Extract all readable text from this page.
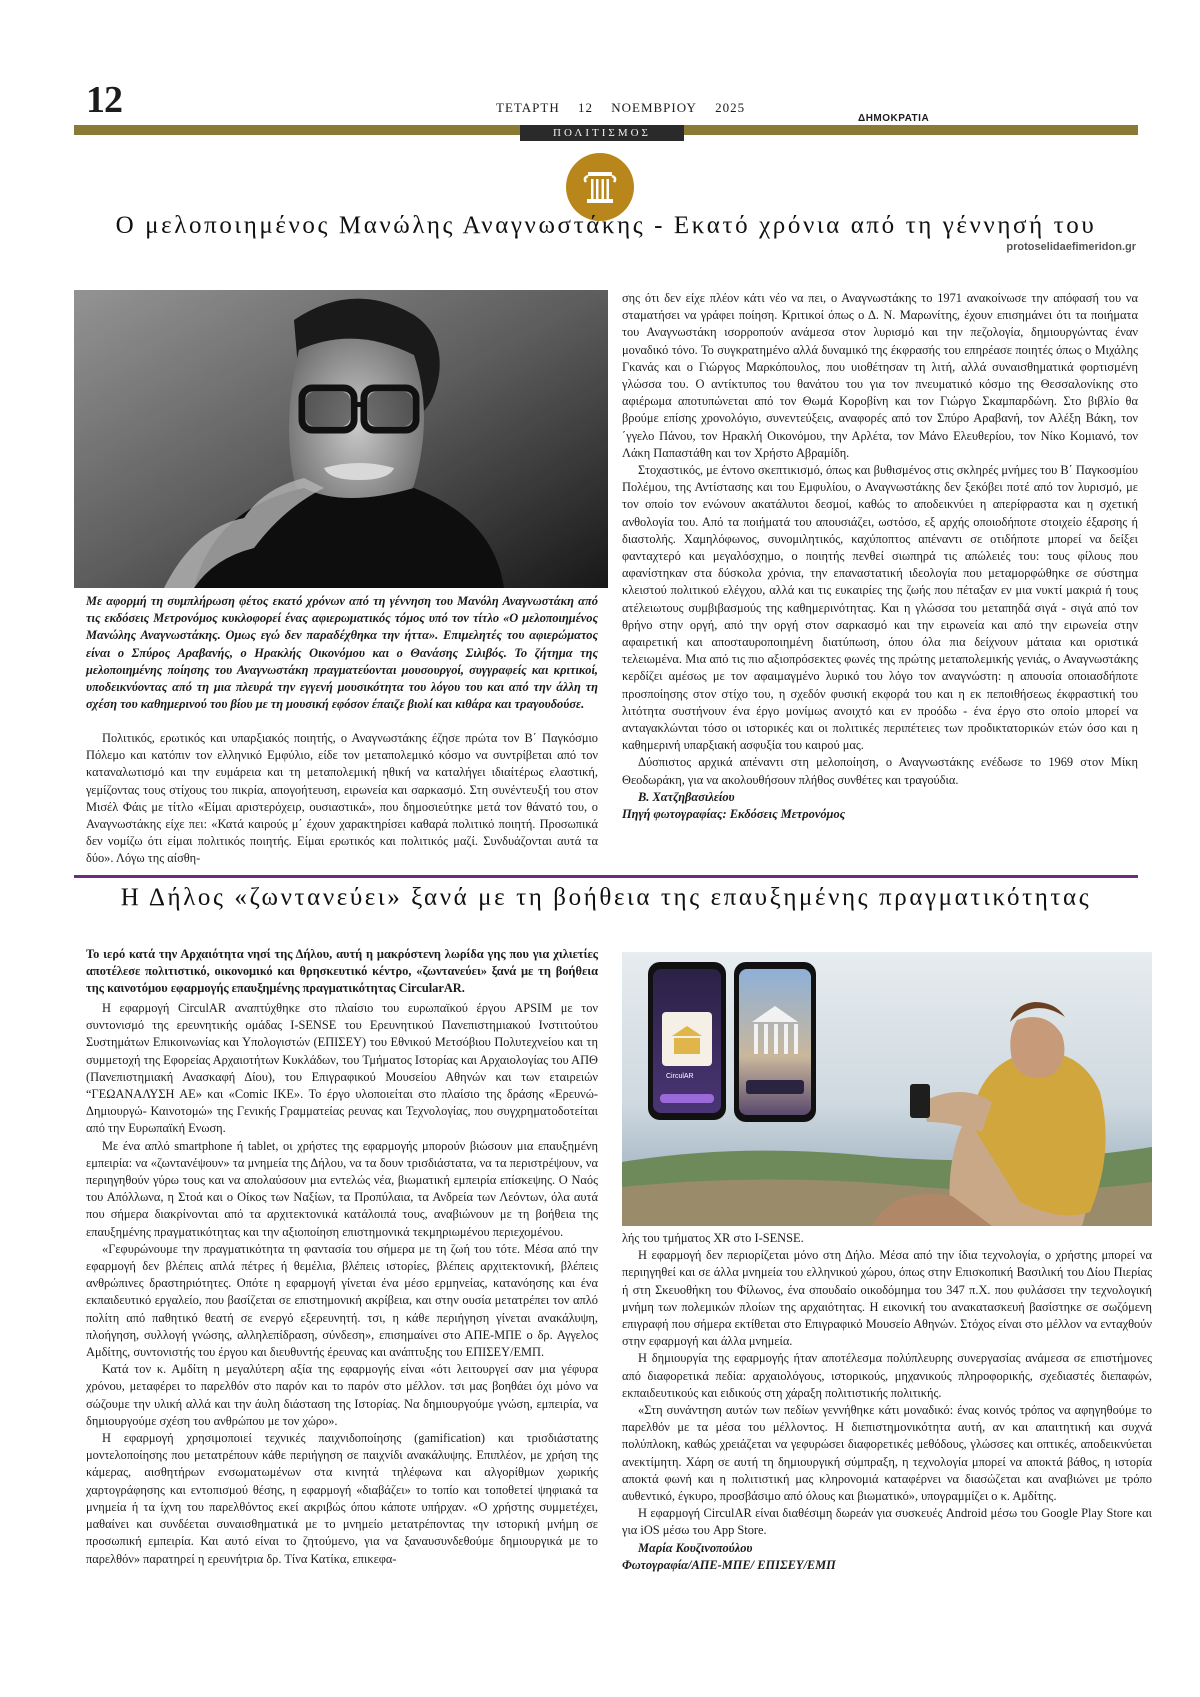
12	ΤΕΤΑΡΤΗ 12 ΝΟΕΜΒΡΙΟΥ 2025
ΔΗΜΟΚΡΑΤΙΑ
ΠΟΛΙΤΙΣΜΟΣ
Ο μελοποιημένος Μανώλης Αναγνωστάκης - Εκατό χρόνια από τη γέννησή του
protoselidaefimeridon.gr
Με αφορμή τη συμπλήρωση φέτος εκατό χρόνων από τη γέννηση του Μανόλη Αναγνωστάκη από τις εκδόσεις Μετρονόμος κυκλοφορεί ένας αφιερωματικός τόμος υπό τον τίτλο «Ο μελοποιημένος Μανώλης Αναγνωστάκης. Ομως εγώ δεν παραδέχθηκα την ήττα». Επιμελητές του αφιερώματος είναι ο Σπύρος Αραβανής, ο Ηρακλής Οικονόμου και ο Θανάσης Σιλιβός. Το ζήτημα της μελοποιημένης ποίησης του Αναγνωστάκη πραγματεύονται μουσουργοί, συγγραφείς και κριτικοί, υποδεικνύοντας από τη μια πλευρά την εγγενή μουσικότητα του λόγου του και από την άλλη τη σχέση του καθημερινού του βίου με τη μουσική εφόσον έπαιζε βιολί και κιθάρα και τραγουδούσε.

Πολιτικός, ερωτικός και υπαρξιακός ποιητής, ο Αναγνωστάκης έζησε πρώτα τον Β΄ Παγκόσμιο Πόλεμο και κατόπιν τον ελληνικό Εμφύλιο, είδε τον μεταπολεμικό κόσμο να συντρίβεται από τον καταναλωτισμό και την ευμάρεια και τη μεταπολεμική ηθική να καταλήγει ιδιαίτέρως ελαστική, γεμίζοντας τους στίχους του πικρία, απογοήτευση, ειρωνεία και σαρκασμό. Στη συνέντευξή του στον Μισέλ Φάις με τίτλο «Είμαι αριστερόχειρ, ουσιαστικά», που δημοσιεύτηκε μετά τον θάνατό του, ο Αναγνωστάκης είχε πει: «Κατά καιρούς μ΄ έχουν χαρακτηρίσει καθαρά πολιτικό ποιητή. Προσωπικά δεν νομίζω ότι είμαι πολιτικός ποιητής. Είμαι ερωτικός και πολιτικός μαζί. Συνδυάζονται αυτά τα δύο». Λόγω της αίσθη-

σης ότι δεν είχε πλέον κάτι νέο να πει, ο Αναγνωστάκης το 1971 ανακοίνωσε την απόφασή του να σταματήσει να γράφει ποίηση. Κριτικοί όπως ο Δ. Ν. Μαρωνίτης, έχουν επισημάνει ότι τα ποιήματα του Αναγνωστάκη ισορροπούν ανάμεσα στον λυρισμό και την πεζολογία, δημιουργώντας έναν μοναδικό τόνο. Το συγκρατημένο αλλά δυναμικό της έκφρασής του επηρέασε ποιητές όπως ο Μιχάλης Γκανάς και ο Γιώργος Μαρκόπουλος, που υιοθέτησαν τη λιτή, αλλά συναισθηματικά φορτισμένη γλώσσα του. Ο αντίκτυπος του θανάτου του για τον πνευματικό κόσμο της Θεσσαλονίκης στο αφιέρωμα αποτυπώνεται από τον Θωμά Κοροβίνη και τον Γιώργο Σκαμπαρδώνη. Στο βιβλίο θα βρούμε επίσης χρονολόγιο, συνεντεύξεις, αναφορές από τον Σπύρο Αραβανή, τον Αλέξη Βάκη, τον ΄γγελο Πάνου, τον Ηρακλή Οικονόμου, την Αρλέτα, τον Μάνο Ελευθερίου, τον Νίκο Κομιανό, τον Λάκη Παπαστάθη και τον Χρήστο Αβραμίδη.

Στοχαστικός, με έντονο σκεπτικισμό, όπως και βυθισμένος στις σκληρές μνήμες του Β΄ Παγκοσμίου Πολέμου, της Αντίστασης και του Εμφυλίου, ο Αναγνωστάκης δεν ξεκόβει ποτέ από τον λυρισμό, με τον οποίο τον ενώνουν ακατάλυτοι δεσμοί, καθώς το αποδεικνύει η απερίφραστα και η σχετική ανθολογία του. Από τα ποιήματά του απουσιάζει, ωστόσο, εξ αρχής οποιοδήποτε στοιχείο έξαρσης ή διαστολής. Χαμηλόφωνος, συνομιλητικός, καχύποπτος απέναντι σε οτιδήποτε μπορεί να δείξει φανταχτερό και μεγαλόσχημο, ο ποιητής πενθεί σιωπηρά τις απώλειές του: τους φίλους που αφανίστηκαν στα δύσκολα χρόνια, την επαναστατική ιδεολογία που μεταμορφώθηκε σε σύστημα κλειστού πολιτικού ελέγχου, αλλά και τις ευκαιρίες της ζωής που πέταξαν εν μια νυκτί μακριά ή τους ατέλειωτους συμβιβασμούς της καθημερινότητας. Και η γλώσσα του μεταπηδά σιγά - σιγά από τον θρήνο στην οργή, από την οργή στον σαρκασμό και την ειρωνεία και από την ειρωνεία στην αφαιρετική και αποσταυροποιημένη διατύπωση, όπου όλα πια δείχνουν μάταια και οριστικά τελειωμένα. Μια από τις πιο αξιοπρόσεκτες φωνές της πρώτης μεταπολεμικής γενιάς, ο Αναγνωστάκης κερδίζει αμέσως με τον αφαιμαγμένο λυρικό του λόγο τον αναγνώστη: η απουσία οποιασδήποτε προσποίησης στον στίχο του, η σχεδόν φυσική εκφορά του και η εκ πεποιθήσεως έκφραστική του λιτότητα συστήνουν ένα έργο μονίμως ανοιχτό και εν προόδω - ένα έργο στο οποίο μπορεί να ανταγακλώνται τόσο οι ιστορικές και οι πολιτικές περιπέτειες των προδικτατορικών ετών όσο και η καθημερινή υπαρξιακή ασφυξία του καιρού μας.

Δύσπιστος αρχικά απέναντι στη μελοποίηση, ο Αναγνωστάκης ενέδωσε το 1969 στον Μίκη Θεοδωράκη, για να ακολουθήσουν πλήθος συνθέτες και τραγούδια.

Β. Χατζηβασιλείου
Πηγή φωτογραφίας: Εκδόσεις Μετρονόμος
Η Δήλος «ζωντανεύει» ξανά με τη βοήθεια της επαυξημένης πραγματικότητας
Το ιερό κατά την Αρχαιότητα νησί της Δήλου, αυτή η μακρόστενη λωρίδα γης που για χιλιετίες αποτέλεσε πολιτιστικό, οικονομικό και θρησκευτικό κέντρο, «ζωντανεύει» ξανά με τη βοήθεια της καινοτόμου εφαρμογής επαυξημένης πραγματικότητας CircularAR.

Η εφαρμογή CirculAR αναπτύχθηκε στο πλαίσιο του ευρωπαϊκού έργου APSIM με τον συντονισμό της ερευνητικής ομάδας I-SENSE του Ερευνητικού Πανεπιστημιακού Ινστιτούτου Συστημάτων Επικοινωνίας και Υπολογιστών (ΕΠΙΣΕΥ) του Εθνικού Μετσόβιου Πολυτεχνείου και τη συμμετοχή της Εφορείας Αρχαιοτήτων Κυκλάδων, του Τμήματος Ιστορίας και Αρχαιολογίας του ΑΠΘ (Πανεπιστημιακή Ανασκαφή Δίου), του Επιγραφικού Μουσείου Αθηνών και των εταιρειών “ΓΕΩΑΝΑΛΥΣΗ ΑΕ» και «Comic IKE». Το έργο υλοποιείται στο πλαίσιο της δράσης «Ερευνώ- Δημιουργώ- Καινοτομώ» της Γενικής Γραμματείας ρευνας και Τεχνολογίας, που συγχρηματοδοτείται από την Ευρωπαϊκή Ενωση.

Με ένα απλό smartphone ή tablet, οι χρήστες της εφαρμογής μπορούν βιώσουν μια επαυξημένη εμπειρία: να «ζωντανέψουν» τα μνημεία της Δήλου, να τα δουν τρισδιάστατα, να τα περιστρέψουν, να περιηγηθούν γύρω τους και να απολαύσουν μια εντελώς νέα, βιωματική εμπειρία επίσκεψης. Ο Ναός του Απόλλωνα, η Στοά και ο Οίκος των Ναξίων, τα Προπύλαια, τα Ανδρεία των Λεόντων, όλα αυτά που σήμερα διακρίνονται από τα αρχιτεκτονικά κατάλοιπά τους, αναβιώνουν με τη βοήθεια της επαυξημένης πραγματικότητας και την αξιοποίηση επιστημονικά τεκμηριωμένου περιεχομένου.

«Γεφυρώνουμε την πραγματικότητα τη φαντασία του σήμερα με τη ζωή του τότε. Μέσα από την εφαρμογή δεν βλέπεις απλά πέτρες ή θεμέλια, βλέπεις ιστορίες, βλέπεις αρχιτεκτονική, βλέπεις ανθρώπινες δραστηριότητες. Οπότε η εφαρμογή γίνεται ένα μέσο ερμηνείας, κατανόησης και ένα εκπαιδευτικό εργαλείο, που βασίζεται σε επιστημονική ακρίβεια, και στην ουσία μετατρέπει τον απλό πολίτη από παθητικό θεατή σε ενεργό εξερευνητή. τσι, η κάθε περιήγηση γίνεται ανακάλυψη, πλοήγηση, συλλογή γνώσης, αλληλεπίδραση, σύνδεση», επισημαίνει στο ΑΠΕ-ΜΠΕ ο δρ. Αγγελος Αμδίτης, συντονιστής του έργου και διευθυντής έρευνας και ανάπτυξης του ΕΠΙΣΕΥ/ΕΜΠ.

Κατά τον κ. Αμδίτη η μεγαλύτερη αξία της εφαρμογής είναι «ότι λειτουργεί σαν μια γέφυρα χρόνου, μεταφέρει το παρελθόν στο παρόν και το παρόν στο μέλλον. τσι μας βοηθάει όχι μόνο να σώζουμε την υλική αλλά και την άυλη διάσταση της Ιστορίας. Να δημιουργούμε γνώση, εμπειρία, να δημιουργούμε σχέση του ανθρώπου με τον χώρο».

Η εφαρμογή χρησιμοποιεί τεχνικές παιχνιδοποίησης (gamification) και τρισδιάστατης μοντελοποίησης που μετατρέπουν κάθε περιήγηση σε παιχνίδι ανακάλυψης. Επιπλέον, με χρήση της κάμερας, αισθητήρων ενσωματωμένων στα κινητά τηλέφωνα και αλγορίθμων χωρικής χαρτογράφησης και εντοπισμού θέσης, η εφαρμογή «διαβάζει» το τοπίο και τοποθετεί ψηφιακά τα μνημεία ή τα ίχνη του παρελθόντος εκεί ακριβώς όπου κάποτε υπήρχαν. «Ο χρήστης συμμετέχει, μαθαίνει και συνδέεται συναισθηματικά με το μνημείο μετατρέποντας την ιστορική μνήμη σε προσωπική εμπειρία. Και αυτό είναι το ζητούμενο, για να ξαναυσυνδεθούμε δημιουργικά με το παρελθόν» παρατηρεί η ερευνήτρια δρ. Τίνα Κατίκα, επικεφα-

CirculAR

λής του τμήματος XR στο I-SENSE.

Η εφαρμογή δεν περιορίζεται μόνο στη Δήλο. Μέσα από την ίδια τεχνολογία, ο χρήστης μπορεί να περιηγηθεί και σε άλλα μνημεία του ελληνικού χώρου, όπως στην Επισκοπική Βασιλική του Δίου Πιερίας ή στη Σκευοθήκη του Φίλωνος, ένα σπουδαίο οικοδόμημα του 347 π.Χ. που φυλάσσει την τεχνολογική μνήμη των πολεμικών πλοίων της αρχαιότητας. Η εικονική του ανακατασκευή βασίστηκε σε σωζόμενη επιγραφή που σήμερα εκτίθεται στο Επιγραφικό Μουσείο Αθηνών. Στόχος είναι στο μέλλον να ενταχθούν στην εφαρμογή και άλλα μνημεία.

Η δημιουργία της εφαρμογής ήταν αποτέλεσμα πολύπλευρης συνεργασίας ανάμεσα σε επιστήμονες από διαφορετικά πεδία: αρχαιολόγους, ιστορικούς, μηχανικούς πληροφορικής, σχεδιαστές διεπαφών, εκπαιδευτικούς και ειδικούς στη χάραξη πολιτιστικής πολιτικής.

«Στη συνάντηση αυτών των πεδίων γεννήθηκε κάτι μοναδικό: ένας κοινός τρόπος να αφηγηθούμε το παρελθόν με τα μέσα του μέλλοντος. Η διεπιστημονικότητα αυτή, αν και απαιτητική και συχνά πολύπλοκη, καθώς χρειάζεται να γεφυρώσει διαφορετικές μεθόδους, γλώσσες και οπτικές, αποδεικνύεται ανεκτίμητη. Χάρη σε αυτή τη δημιουργική σύμπραξη, η τεχνολογία μπορεί να αποκτά βάθος, η ιστορία αποκτά φωνή και η πολιτιστική μας κληρονομιά καταφέρνει να διασώζεται και αναβιώνει με τρόπο αυθεντικό, έγκυρο, προσβάσιμο από όλους και βιωματικό», υπογραμμίζει ο κ. Αμδίτης.

Η εφαρμογή CirculAR είναι διαθέσιμη δωρεάν για συσκευές Android μέσω του Google Play Store και για iOS μέσω του App Store.

Μαρία Κουζινοπούλου
Φωτογραφία/ΑΠΕ-ΜΠΕ/ ΕΠΙΣΕΥ/ΕΜΠ
